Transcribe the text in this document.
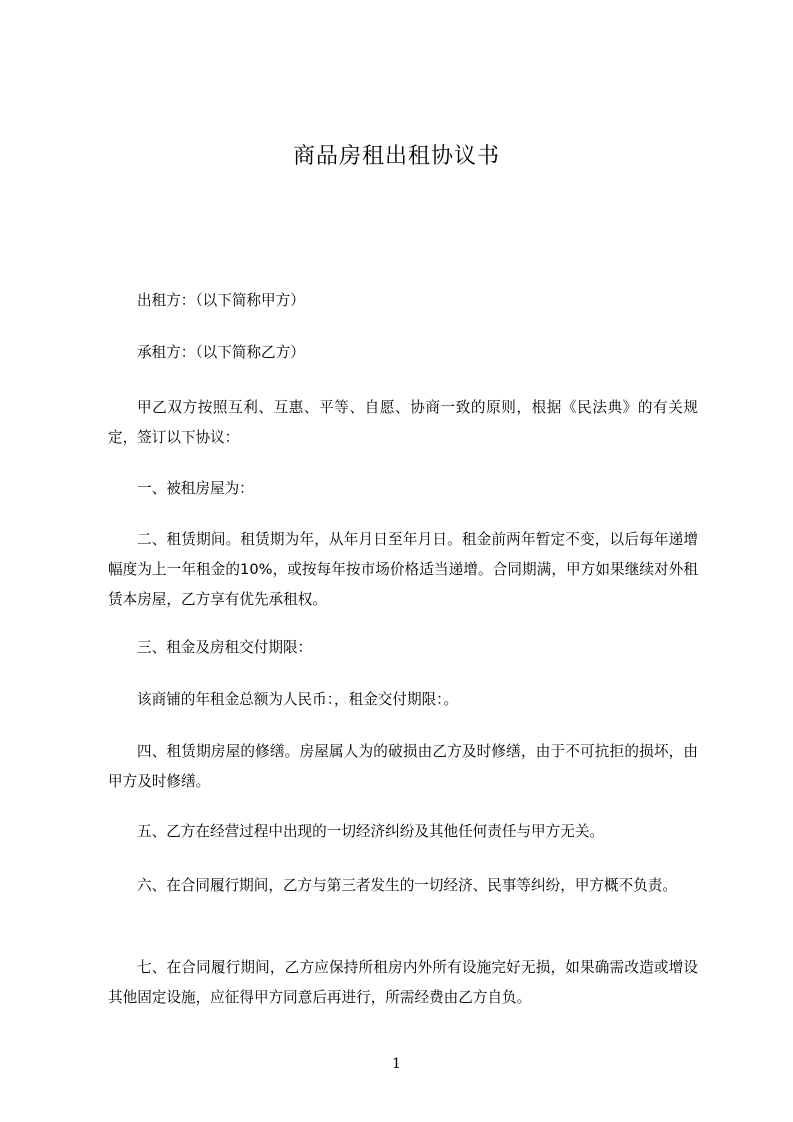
商品房租出租协议书
出租方：（以下简称甲方）
承租方：（以下简称乙方）
甲乙双方按照互利、互惠、平等、自愿、协商一致的原则，根据《民法典》的有关规定，签订以下协议：
一、被租房屋为：
二、租赁期间。租赁期为年，从年月日至年月日。租金前两年暂定不变，以后每年递增幅度为上一年租金的10%，或按每年按市场价格适当递增。合同期满，甲方如果继续对外租赁本房屋，乙方享有优先承租权。
三、租金及房租交付期限：
该商铺的年租金总额为人民币：，租金交付期限：。
四、租赁期房屋的修缮。房屋属人为的破损由乙方及时修缮，由于不可抗拒的损坏，由甲方及时修缮。
五、乙方在经营过程中出现的一切经济纠纷及其他任何责任与甲方无关。
六、在合同履行期间，乙方与第三者发生的一切经济、民事等纠纷，甲方概不负责。
七、在合同履行期间，乙方应保持所租房内外所有设施完好无损，如果确需改造或增设其他固定设施，应征得甲方同意后再进行，所需经费由乙方自负。
1
